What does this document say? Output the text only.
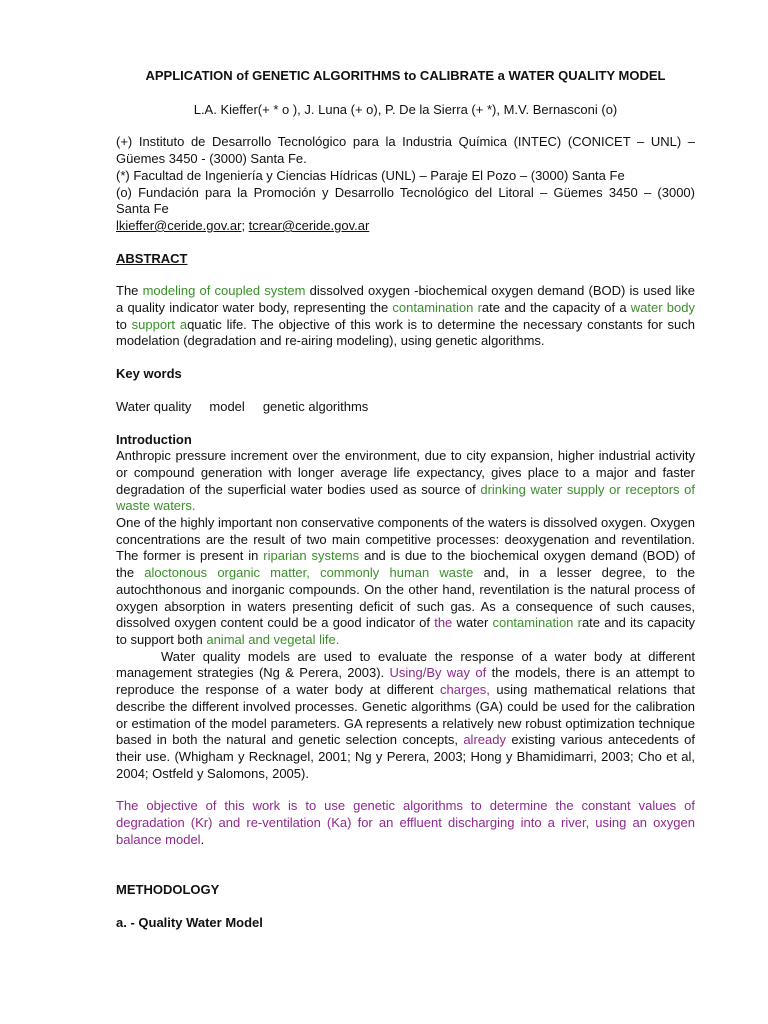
APPLICATION of GENETIC ALGORITHMS to CALIBRATE a WATER QUALITY MODEL

L.A. Kieffer(+ * o ), J. Luna (+ o), P. De la Sierra (+ *), M.V. Bernasconi (o)

(+) Instituto de Desarrollo Tecnológico para la Industria Química (INTEC) (CONICET – UNL) – Güemes 3450 - (3000) Santa Fe.

(*) Facultad de Ingeniería y Ciencias Hídricas (UNL) – Paraje El Pozo – (3000) Santa Fe

(o) Fundación para la Promoción y Desarrollo Tecnológico del Litoral – Güemes 3450 – (3000) Santa Fe

lkieffer@ceride.gov.ar; tcrear@ceride.gov.ar

ABSTRACT

The modeling of coupled system dissolved oxygen -biochemical oxygen demand (BOD) is used like a quality indicator water body, representing the contamination rate and the capacity of a water body to support aquatic life. The objective of this work is to determine the necessary constants for such modelation (degradation and re-airing modeling), using genetic algorithms.

Key words

Water quality model genetic algorithms

Introduction

Anthropic pressure increment over the environment, due to city expansion, higher industrial activity or compound generation with longer average life expectancy, gives place to a major and faster degradation of the superficial water bodies used as source of drinking water supply or receptors of waste waters.

One of the highly important non conservative components of the waters is dissolved oxygen. Oxygen concentrations are the result of two main competitive processes: deoxygenation and reventilation. The former is present in riparian systems and is due to the biochemical oxygen demand (BOD) of the aloctonous organic matter, commonly human waste and, in a lesser degree, to the autochthonous and inorganic compounds. On the other hand, reventilation is the natural process of oxygen absorption in waters presenting deficit of such gas. As a consequence of such causes, dissolved oxygen content could be a good indicator of the water contamination rate and its capacity to support both animal and vegetal life.

Water quality models are used to evaluate the response of a water body at different management strategies (Ng & Perera, 2003). Using/By way of the models, there is an attempt to reproduce the response of a water body at different charges, using mathematical relations that describe the different involved processes. Genetic algorithms (GA) could be used for the calibration or estimation of the model parameters. GA represents a relatively new robust optimization technique based in both the natural and genetic selection concepts, already existing various antecedents of their use. (Whigham y Recknagel, 2001; Ng y Perera, 2003; Hong y Bhamidimarri, 2003; Cho et al, 2004; Ostfeld y Salomons, 2005).

The objective of this work is to use genetic algorithms to determine the constant values of degradation (Kr) and re-ventilation (Ka) for an effluent discharging into a river, using an oxygen balance model.

METHODOLOGY

a. - Quality Water Model
